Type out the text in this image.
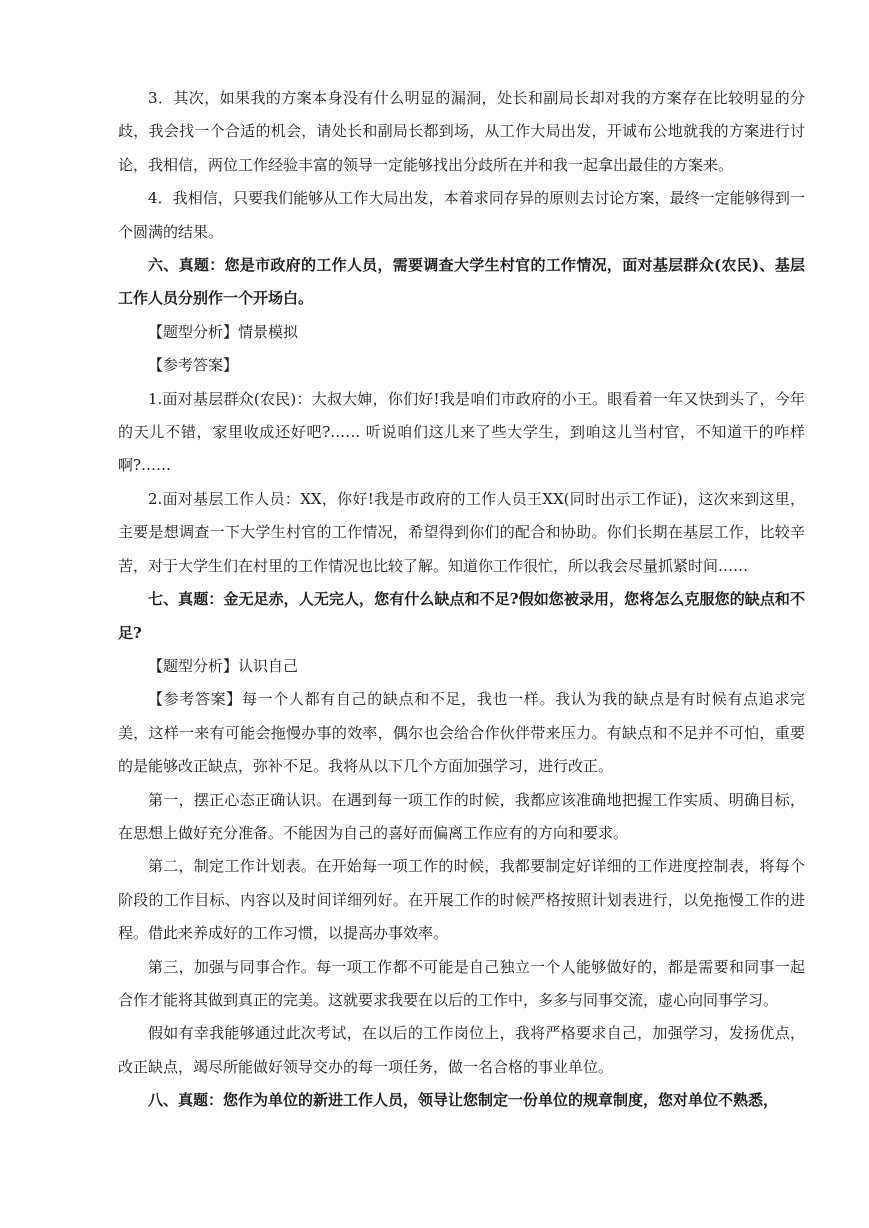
3．其次，如果我的方案本身没有什么明显的漏洞，处长和副局长却对我的方案存在比较明显的分歧，我会找一个合适的机会，请处长和副局长都到场，从工作大局出发，开诚布公地就我的方案进行讨论，我相信，两位工作经验丰富的领导一定能够找出分歧所在并和我一起拿出最佳的方案来。

4．我相信，只要我们能够从工作大局出发，本着求同存异的原则去讨论方案，最终一定能够得到一个圆满的结果。

六、真题：您是市政府的工作人员，需要调查大学生村官的工作情况，面对基层群众(农民)、基层工作人员分别作一个开场白。

【题型分析】情景模拟

【参考答案】

1.面对基层群众(农民)：大叔大婶，你们好!我是咱们市政府的小王。眼看着一年又快到头了，今年的天儿不错，家里收成还好吧?…… 听说咱们这儿来了些大学生，到咱这儿当村官，不知道干的咋样啊?……

2.面对基层工作人员：XX，你好!我是市政府的工作人员王XX(同时出示工作证)，这次来到这里，主要是想调查一下大学生村官的工作情况，希望得到你们的配合和协助。你们长期在基层工作，比较辛苦，对于大学生们在村里的工作情况也比较了解。知道你工作很忙，所以我会尽量抓紧时间……

七、真题：金无足赤，人无完人，您有什么缺点和不足?假如您被录用，您将怎么克服您的缺点和不足?

【题型分析】认识自己

【参考答案】每一个人都有自己的缺点和不足，我也一样。我认为我的缺点是有时候有点追求完美，这样一来有可能会拖慢办事的效率，偶尔也会给合作伙伴带来压力。有缺点和不足并不可怕，重要的是能够改正缺点，弥补不足。我将从以下几个方面加强学习，进行改正。

第一，摆正心态正确认识。在遇到每一项工作的时候，我都应该准确地把握工作实质、明确目标，在思想上做好充分准备。不能因为自己的喜好而偏离工作应有的方向和要求。

第二，制定工作计划表。在开始每一项工作的时候，我都要制定好详细的工作进度控制表，将每个阶段的工作目标、内容以及时间详细列好。在开展工作的时候严格按照计划表进行，以免拖慢工作的进程。借此来养成好的工作习惯，以提高办事效率。

第三，加强与同事合作。每一项工作都不可能是自己独立一个人能够做好的，都是需要和同事一起合作才能将其做到真正的完美。这就要求我要在以后的工作中，多多与同事交流，虚心向同事学习。

假如有幸我能够通过此次考试，在以后的工作岗位上，我将严格要求自己，加强学习，发扬优点，改正缺点，竭尽所能做好领导交办的每一项任务，做一名合格的事业单位。

八、真题：您作为单位的新进工作人员，领导让您制定一份单位的规章制度，您对单位不熟悉，
